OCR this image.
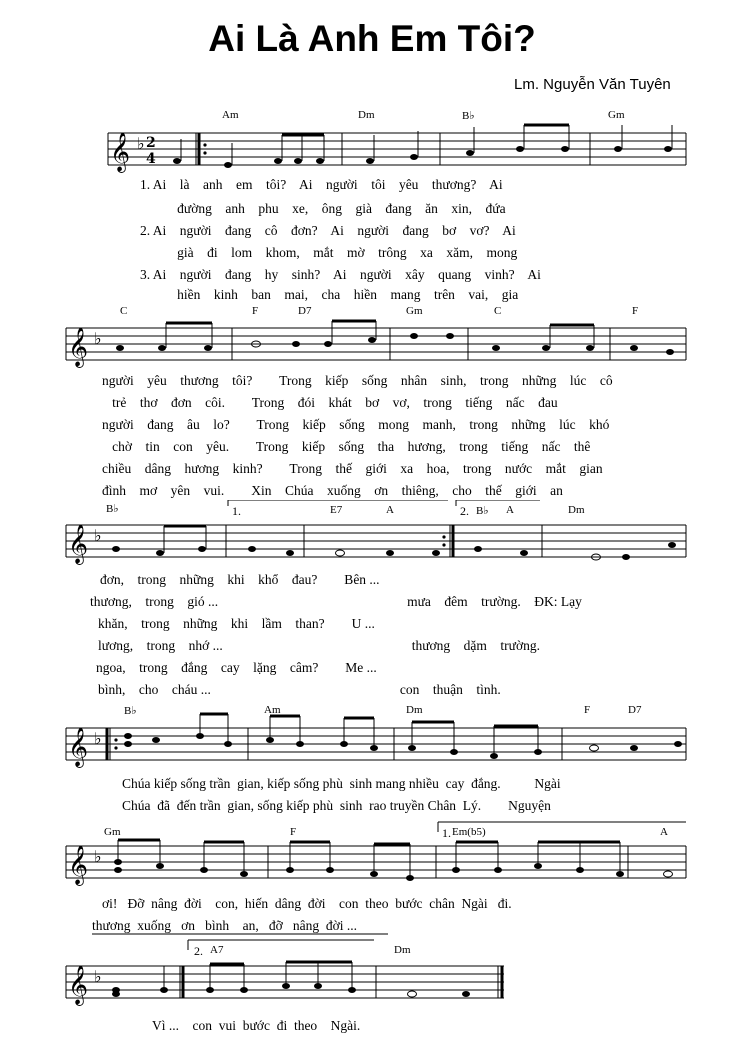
Ai Là Anh Em Tôi?
Lm. Nguyễn Văn Tuyên
𝄞 ♭ 2
4
Am	Dm	B♭	Gm
1. Ai    là    anh    em    tôi?    Ai    người    tôi    yêu    thương?    Ai
đường    anh    phu    xe,    ông    già    đang    ăn    xin,    đứa
2. Ai    người    đang    cô    đơn?    Ai    người    đang    bơ    vơ?    Ai
già    đi    lom    khom,    mắt    mờ    trông    xa    xăm,    mong
3. Ai    người    đang    hy    sinh?    Ai    người    xây    quang    vinh?    Ai
hiền    kinh    ban    mai,    cha    hiền    mang    trên    vai,    gia
𝄞 ♭
C	F	D7	Gm	C	F
người    yêu    thương    tôi?        Trong    kiếp    sống    nhân    sinh,    trong    những    lúc    cô
trẻ    thơ    đơn    côi.        Trong    đói    khát    bơ    vơ,    trong    tiếng    nấc    đau
người    đang    âu    lo?        Trong    kiếp    sống    mong    manh,    trong    những    lúc    khó
chờ    tin    con    yêu.        Trong    kiếp    sống    tha    hương,    trong    tiếng    nấc    thê
chiều    dâng    hương    kinh?        Trong    thế    giới    xa    hoa,    trong    nước    mắt    gian
đình    mơ    yên    vui.        Xin    Chúa    xuống    ơn    thiêng,    cho    thế    giới    an
𝄞 ♭
1.	2.
B♭	E7	A	B♭ A	Dm
đơn,    trong    những    khi    khổ    đau?        Bên ...
thương,    trong    gió ...                                                        mưa    đêm    trường.    ĐK: Lạy
khăn,    trong    những    khi    lầm    than?        U ...
lương,    trong    nhớ ...                                                        thương    dặm    trường.
ngoa,    trong    đắng    cay    lặng    câm?        Me ...
bình,    cho    cháu ...                                                        con    thuận    tình.
𝄞 ♭
B♭	Am	Dm	F	D7
Chúa kiếp sống trần  gian, kiếp sống phù  sinh mang nhiều  cay  đắng.          Ngài
Chúa  đã  đến trần  gian, sống kiếp phù  sinh  rao truyền Chân  Lý.        Nguyện
𝄞 ♭
Gm	F	1. Em(b5)	A
ơi!   Đỡ  nâng  đời    con,  hiến  dâng  đời    con  theo  bước  chân  Ngài   đi.
thương  xuống   ơn   bình    an,   đỡ   nâng  đời ...
𝄞 ♭
2. A7	Dm
Vì ...    con  vui  bước  đi  theo    Ngài.
